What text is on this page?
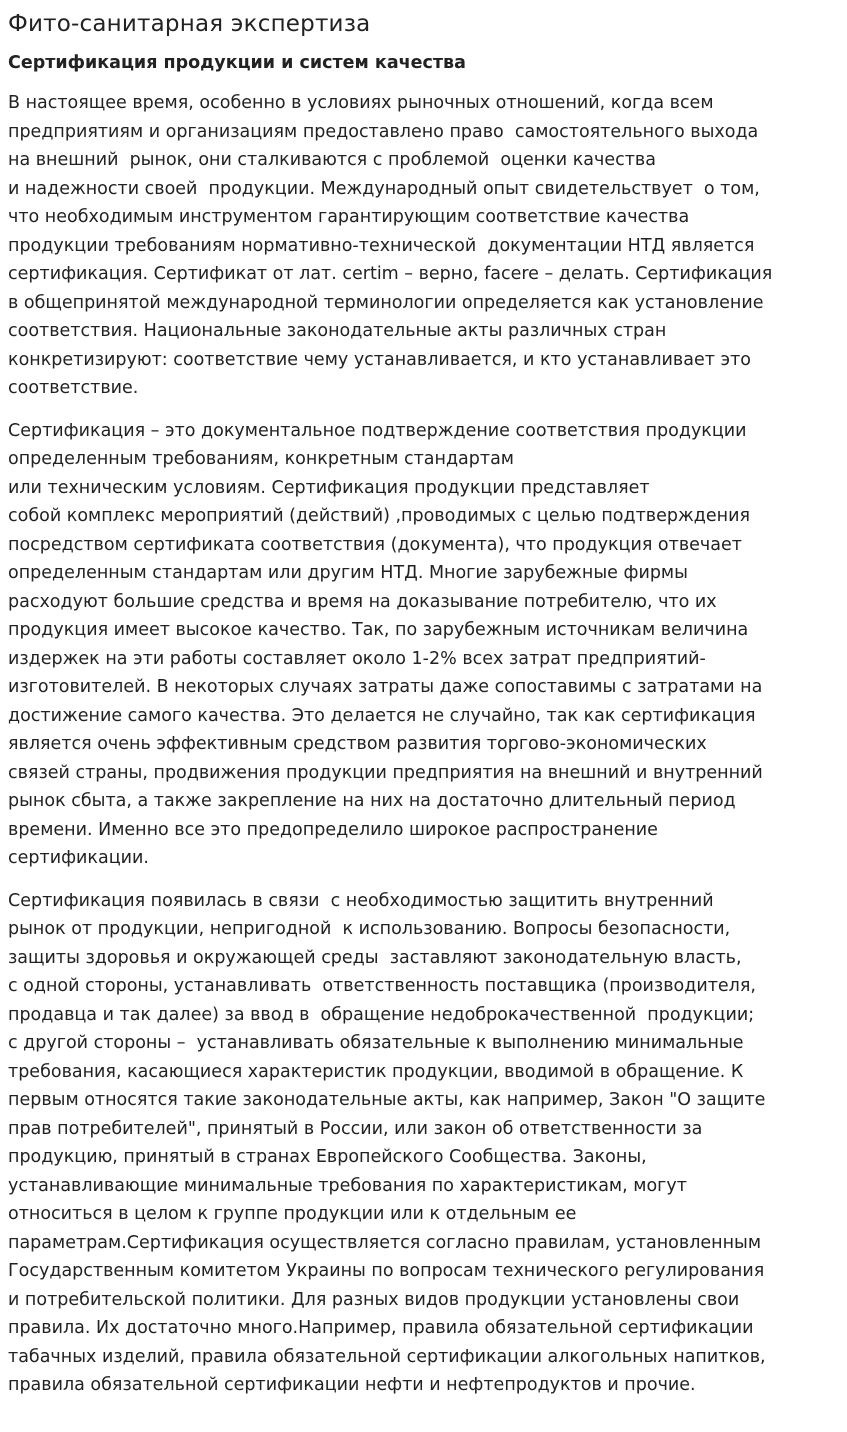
Фито-санитарная экспертиза
Сертификация продукции и систем качества

В настоящее время, особенно в условиях рыночных отношений, когда всем
предприятиям и организациям предоставлено право  самостоятельного выхода
на внешний  рынок, они сталкиваются с проблемой  оценки качества
и надежности своей  продукции. Международный опыт свидетельствует  о том,
что необходимым инструментом гарантирующим соответствие качества
продукции требованиям нормативно-технической  документации НТД является
сертификация. Сертификат от лат. certim – верно, facere – делать. Сертификация
в общепринятой международной терминологии определяется как установление
соответствия. Национальные законодательные акты различных стран
конкретизируют: соответствие чему устанавливается, и кто устанавливает это
соответствие.

Сертификация – это документальное подтверждение соответствия продукции
определенным требованиям, конкретным стандартам
или техническим условиям. Сертификация продукции представляет
собой комплекс мероприятий (действий) ,проводимых с целью подтверждения
посредством сертификата соответствия (документа), что продукция отвечает
определенным стандартам или другим НТД. Многие зарубежные фирмы
расходуют большие средства и время на доказывание потребителю, что их
продукция имеет высокое качество. Так, по зарубежным источникам величина
издержек на эти работы составляет около 1-2% всех затрат предприятий-
изготовителей. В некоторых случаях затраты даже сопоставимы с затратами на
достижение самого качества. Это делается не случайно, так как сертификация
является очень эффективным средством развития торгово-экономических
связей страны, продвижения продукции предприятия на внешний и внутренний
рынок сбыта, а также закрепление на них на достаточно длительный период
времени. Именно все это предопределило широкое распространение
сертификации.

Сертификация появилась в связи  с необходимостью защитить внутренний
рынок от продукции, непригодной  к использованию. Вопросы безопасности,
защиты здоровья и окружающей среды  заставляют законодательную власть,
с одной стороны, устанавливать  ответственность поставщика (производителя,
продавца и так далее) за ввод в  обращение недоброкачественной  продукции;
с другой стороны –  устанавливать обязательные к выполнению минимальные
требования, касающиеся характеристик продукции, вводимой в обращение. К
первым относятся такие законодательные акты, как например, Закон "О защите
прав потребителей", принятый в России, или закон об ответственности за
продукцию, принятый в странах Европейского Сообщества. Законы,
устанавливающие минимальные требования по характеристикам, могут
относиться в целом к группе продукции или к отдельным ее
параметрам.Сертификация осуществляется согласно правилам, установленным
Государственным комитетом Украины по вопросам технического регулирования
и потребительской политики. Для разных видов продукции установлены свои
правила. Их достаточно много.Например, правила обязательной сертификации
табачных изделий, правила обязательной сертификации алкогольных напитков,
правила обязательной сертификации нефти и нефтепродуктов и прочие.
